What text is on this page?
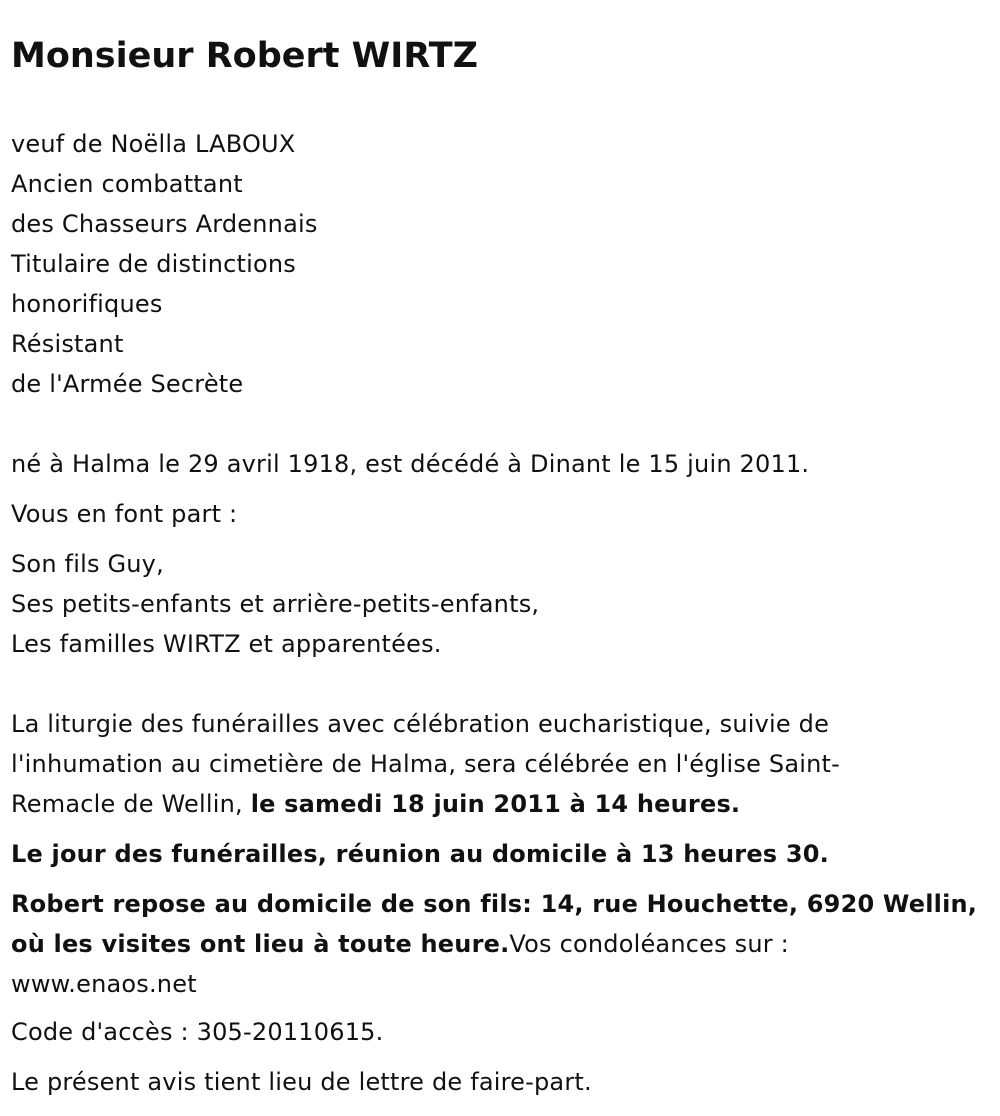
Monsieur Robert WIRTZ
veuf de Noëlla LABOUX
Ancien combattant
des Chasseurs Ardennais
Titulaire de distinctions
honorifiques
Résistant
de l'Armée Secrète
né à Halma le 29 avril 1918, est décédé à Dinant le 15 juin 2011.
Vous en font part :
Son fils Guy,
Ses petits-enfants et arrière-petits-enfants,
Les familles WIRTZ et apparentées.
La liturgie des funérailles avec célébration eucharistique, suivie de
l'inhumation au cimetière de Halma, sera célébrée en l'église Saint-
Remacle de Wellin, le samedi 18 juin 2011 à 14 heures.
Le jour des funérailles, réunion au domicile à 13 heures 30.
Robert repose au domicile de son fils: 14, rue Houchette, 6920 Wellin,
où les visites ont lieu à toute heure.Vos condoléances sur :
www.enaos.net
Code d'accès : 305-20110615.
Le présent avis tient lieu de lettre de faire-part.
